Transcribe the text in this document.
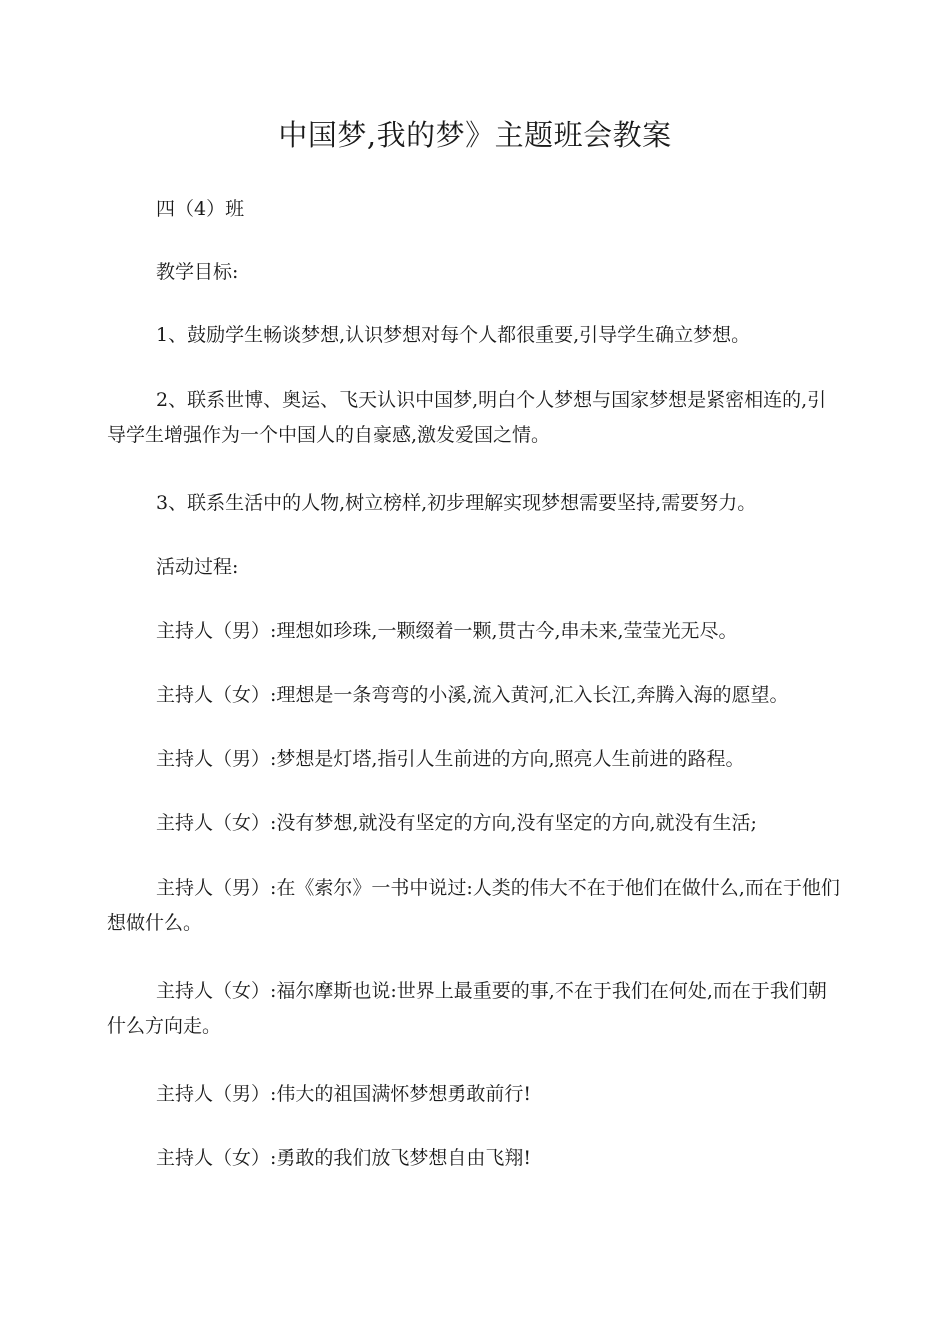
中国梦,我的梦》主题班会教案

四（4）班

教学目标:

1、鼓励学生畅谈梦想,认识梦想对每个人都很重要,引导学生确立梦想。

2、联系世博、奥运、飞天认识中国梦,明白个人梦想与国家梦想是紧密相连的,引导学生增强作为一个中国人的自豪感,激发爱国之情。

3、联系生活中的人物,树立榜样,初步理解实现梦想需要坚持,需要努力。

活动过程:

主持人（男）:理想如珍珠,一颗缀着一颗,贯古今,串未来,莹莹光无尽。

主持人（女）:理想是一条弯弯的小溪,流入黄河,汇入长江,奔腾入海的愿望。

主持人（男）:梦想是灯塔,指引人生前进的方向,照亮人生前进的路程。

主持人（女）:没有梦想,就没有坚定的方向,没有坚定的方向,就没有生活;

主持人（男）:在《索尔》一书中说过:人类的伟大不在于他们在做什么,而在于他们想做什么。

主持人（女）:福尔摩斯也说:世界上最重要的事,不在于我们在何处,而在于我们朝什么方向走。

主持人（男）:伟大的祖国满怀梦想勇敢前行!

主持人（女）:勇敢的我们放飞梦想自由飞翔!
